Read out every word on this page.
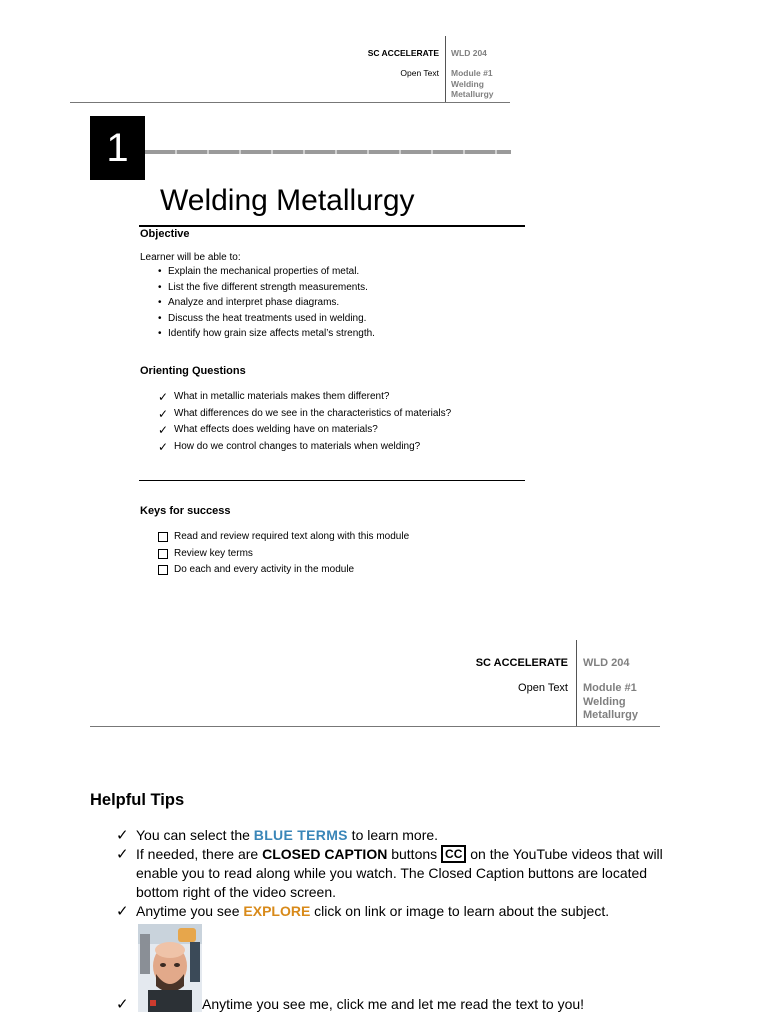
SC ACCELERATE
Open Text
WLD 204
Module #1
Welding
Metallurgy
1
Welding Metallurgy
Objective
Learner will be able to:
• Explain the mechanical properties of metal.
• List the five different strength measurements.
• Analyze and interpret phase diagrams.
• Discuss the heat treatments used in welding.
• Identify how grain size affects metal’s strength.
Orienting Questions
✓ What in metallic materials makes them different?
✓ What differences do we see in the characteristics of materials?
✓ What effects does welding have on materials?
✓ How do we control changes to materials when welding?
Keys for success
Read and review required text along with this module
Review key terms
Do each and every activity in the module
SC ACCELERATE
Open Text
WLD 204
Module #1
Welding
Metallurgy
Helpful Tips
✓ You can select the BLUE TERMS to learn more.
✓ If needed, there are CLOSED CAPTION buttons CC on the YouTube videos that will enable you to read along while you watch. The Closed Caption buttons are located bottom right of the video screen.
✓ Anytime you see EXPLORE click on link or image to learn about the subject.
✓	Anytime you see me, click me and let me read the text to you!
